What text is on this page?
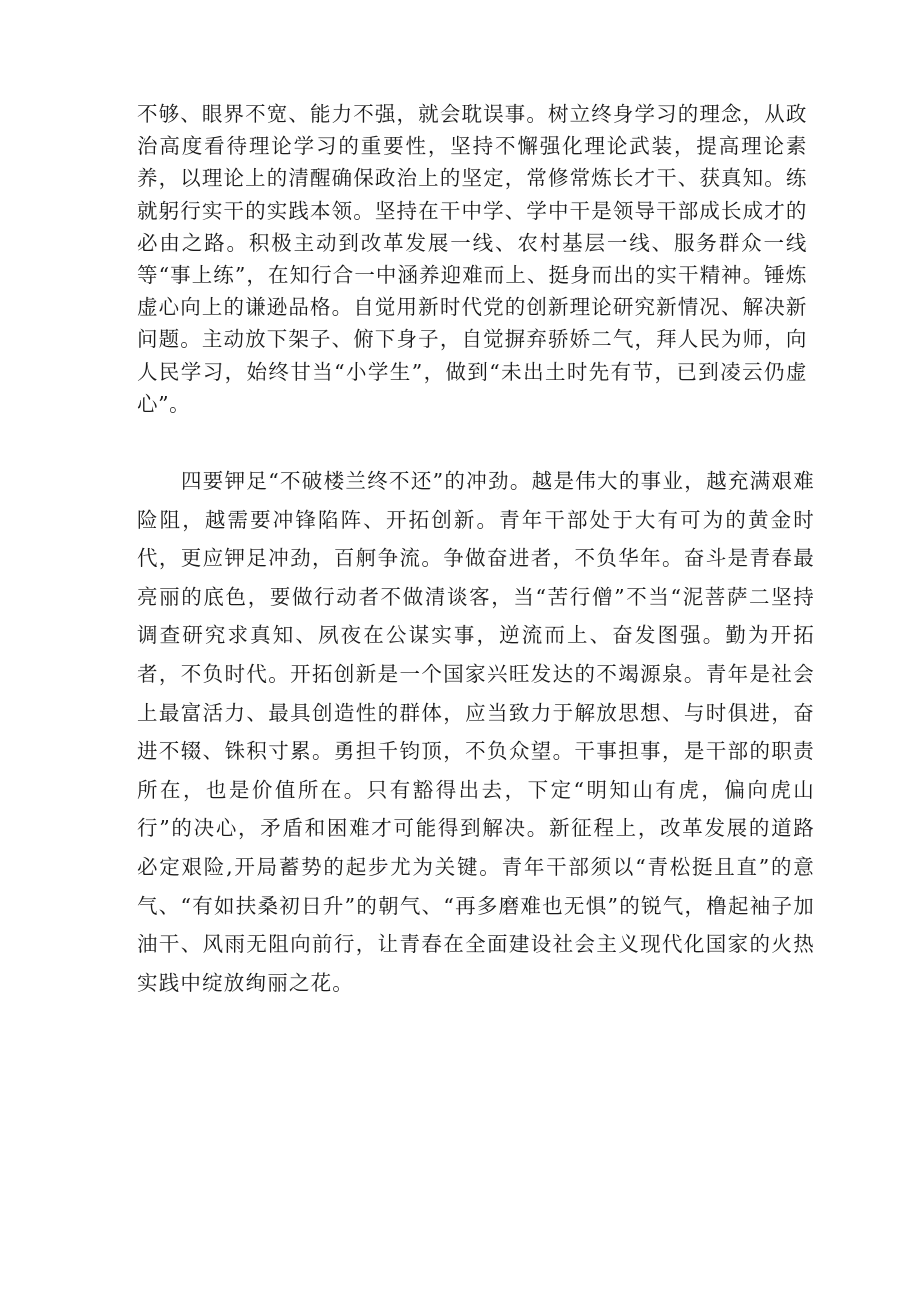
不够、眼界不宽、能力不强，就会耽误事。树立终身学习的理念，从政治高度看待理论学习的重要性，坚持不懈强化理论武装，提高理论素养，以理论上的清醒确保政治上的坚定，常修常炼长才干、获真知。练就躬行实干的实践本领。坚持在干中学、学中干是领导干部成长成才的必由之路。积极主动到改革发展一线、农村基层一线、服务群众一线等“事上练”，在知行合一中涵养迎难而上、挺身而出的实干精神。锤炼虚心向上的谦逊品格。自觉用新时代党的创新理论研究新情况、解决新问题。主动放下架子、俯下身子，自觉摒弃骄娇二气，拜人民为师，向人民学习，始终甘当“小学生”，做到“未出土时先有节，已到凌云仍虚心”。

四要钾足“不破楼兰终不还”的冲劲。越是伟大的事业，越充满艰难险阻，越需要冲锋陷阵、开拓创新。青年干部处于大有可为的黄金时代，更应钾足冲劲，百舸争流。争做奋进者，不负华年。奋斗是青春最亮丽的底色，要做行动者不做清谈客，当“苦行僧”不当“泥菩萨二坚持调查研究求真知、夙夜在公谋实事，逆流而上、奋发图强。勤为开拓者，不负时代。开拓创新是一个国家兴旺发达的不竭源泉。青年是社会上最富活力、最具创造性的群体，应当致力于解放思想、与时俱进，奋进不辍、铢积寸累。勇担千钧顶，不负众望。干事担事，是干部的职责所在，也是价值所在。只有豁得出去，下定“明知山有虎，偏向虎山行”的决心，矛盾和困难才可能得到解决。新征程上，改革发展的道路必定艰险,开局蓄势的起步尤为关键。青年干部须以“青松挺且直”的意气、“有如扶桑初日升”的朝气、“再多磨难也无惧”的锐气，橹起袖子加油干、风雨无阻向前行，让青春在全面建设社会主义现代化国家的火热实践中绽放绚丽之花。
